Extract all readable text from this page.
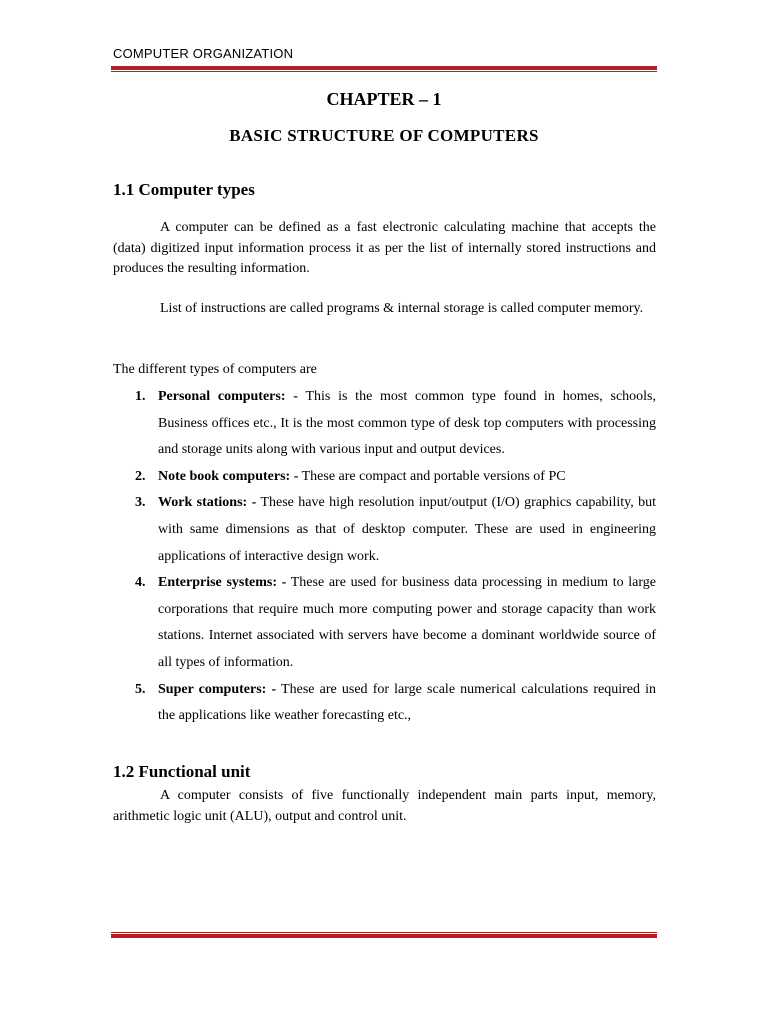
COMPUTER ORGANIZATION
CHAPTER – 1
BASIC STRUCTURE OF COMPUTERS
1.1 Computer types

A computer can be defined as a fast electronic calculating machine that accepts the (data) digitized input information process it as per the list of internally stored instructions and produces the resulting information.

List of instructions are called programs & internal storage is called computer memory.

The different types of computers are
1. Personal computers: - This is the most common type found in homes, schools, Business offices etc., It is the most common type of desk top computers with processing and storage units along with various input and output devices.
2. Note book computers: - These are compact and portable versions of PC
3. Work stations: - These have high resolution input/output (I/O) graphics capability, but with same dimensions as that of desktop computer. These are used in engineering applications of interactive design work.
4. Enterprise systems: - These are used for business data processing in medium to large corporations that require much more computing power and storage capacity than work stations. Internet associated with servers have become a dominant worldwide source of all types of information.
5. Super computers: - These are used for large scale numerical calculations required in the applications like weather forecasting etc.,
1.2 Functional unit

A computer consists of five functionally independent main parts input, memory, arithmetic logic unit (ALU), output and control unit.
